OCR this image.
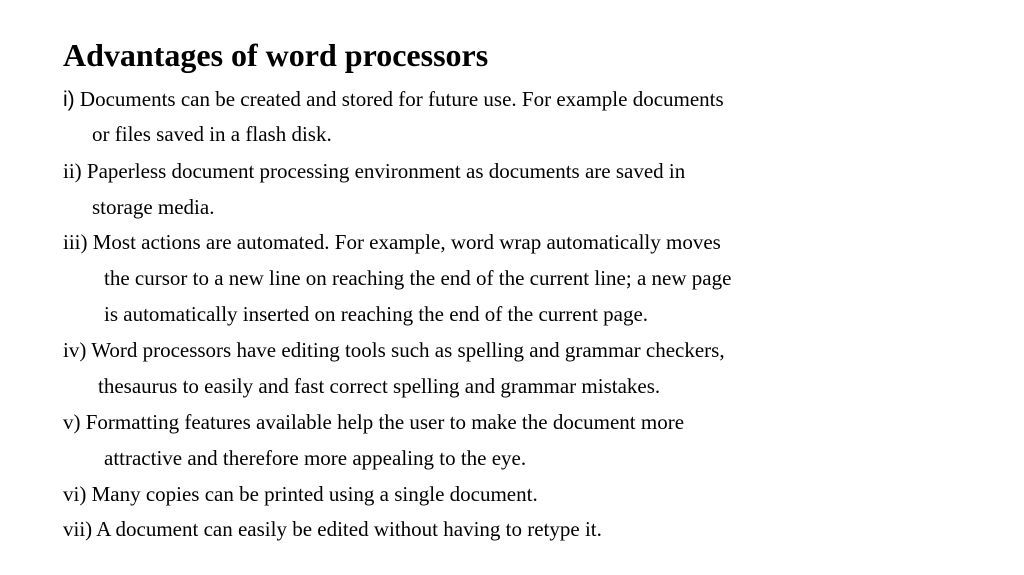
Advantages of word processors
i) Documents can be created and stored for future use. For example documents
or files saved in a flash disk.
ii) Paperless document processing environment as documents are saved in
storage media.
iii) Most actions are automated. For example, word wrap automatically moves
the cursor to a new line on reaching the end of the current line; a new page
is automatically inserted on reaching the end of the current page.
iv) Word processors have editing tools such as spelling and grammar checkers,
thesaurus to easily and fast correct spelling and grammar mistakes.
v) Formatting features available help the user to make the document more
attractive and therefore more appealing to the eye.
vi) Many copies can be printed using a single document.
vii) A document can easily be edited without having to retype it.
